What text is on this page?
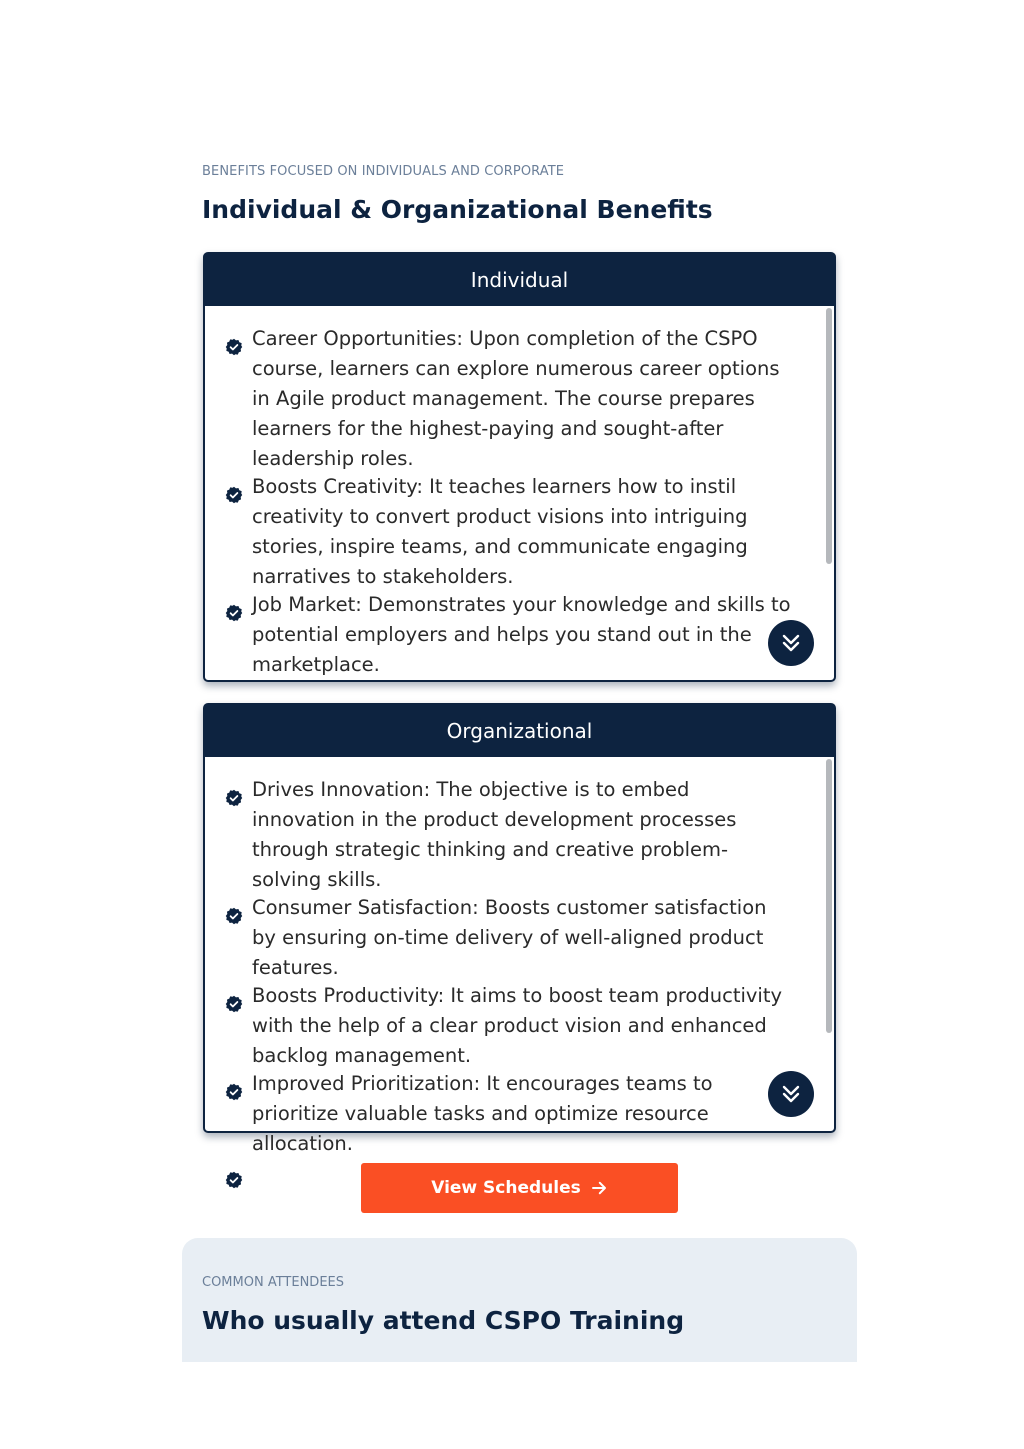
BENEFITS FOCUSED ON INDIVIDUALS AND CORPORATE
Individual & Organizational Benefits
Individual
Career Opportunities: Upon completion of the CSPO course, learners can explore numerous career options in Agile product management. The course prepares learners for the highest-paying and sought-after leadership roles.
Boosts Creativity: It teaches learners how to instil creativity to convert product visions into intriguing stories, inspire teams, and communicate engaging narratives to stakeholders.
Job Market: Demonstrates your knowledge and skills to potential employers and helps you stand out in the marketplace.
Organizational
Drives Innovation: The objective is to embed innovation in the product development processes through strategic thinking and creative problem-solving skills.
Consumer Satisfaction: Boosts customer satisfaction by ensuring on-time delivery of well-aligned product features.
Boosts Productivity: It aims to boost team productivity with the help of a clear product vision and enhanced backlog management.
Improved Prioritization: It encourages teams to prioritize valuable tasks and optimize resource allocation.
View Schedules
COMMON ATTENDEES
Who usually attend CSPO Training
